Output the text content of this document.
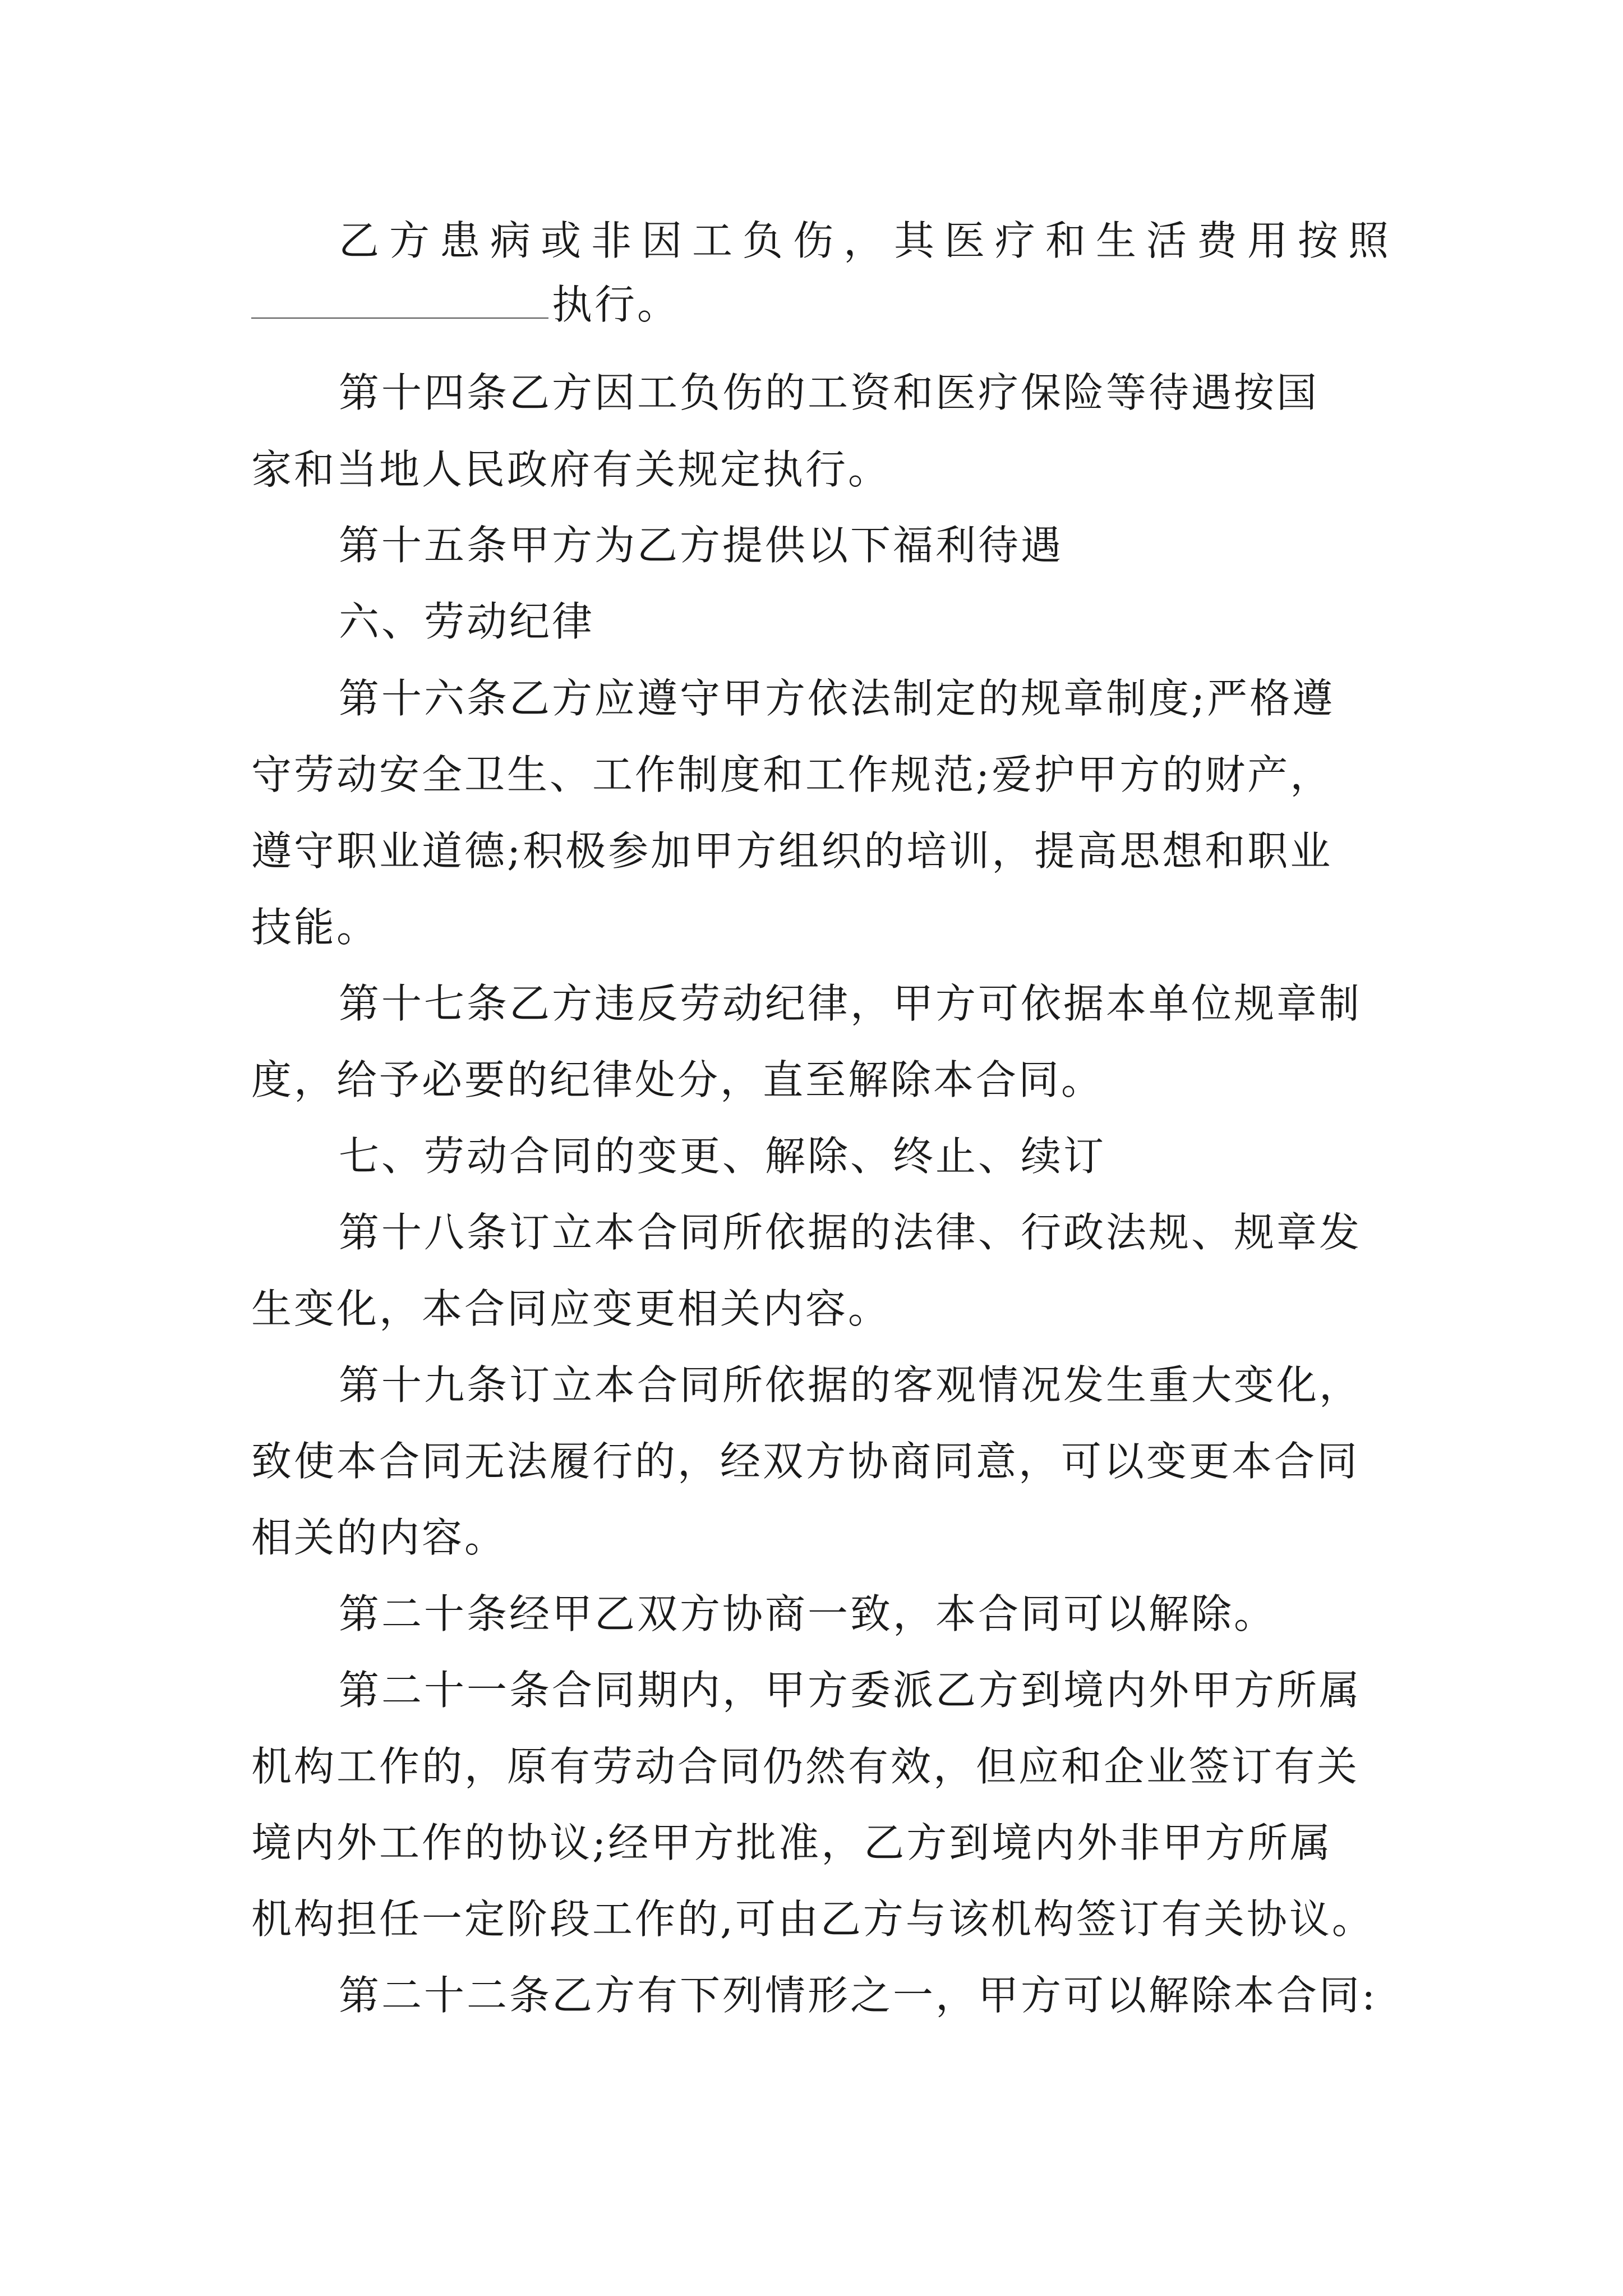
乙方患病或非因工负伤，其医疗和生活费用按照
执行。
第十四条乙方因工负伤的工资和医疗保险等待遇按国
家和当地人民政府有关规定执行。
第十五条甲方为乙方提供以下福利待遇
六、劳动纪律
第十六条乙方应遵守甲方依法制定的规章制度;严格遵
守劳动安全卫生、工作制度和工作规范;爱护甲方的财产，
遵守职业道德;积极参加甲方组织的培训，提高思想和职业
技能。
第十七条乙方违反劳动纪律，甲方可依据本单位规章制
度，给予必要的纪律处分，直至解除本合同。
七、劳动合同的变更、解除、终止、续订
第十八条订立本合同所依据的法律、行政法规、规章发
生变化，本合同应变更相关内容。
第十九条订立本合同所依据的客观情况发生重大变化，
致使本合同无法履行的，经双方协商同意，可以变更本合同
相关的内容。
第二十条经甲乙双方协商一致，本合同可以解除。
第二十一条合同期内，甲方委派乙方到境内外甲方所属
机构工作的，原有劳动合同仍然有效，但应和企业签订有关
境内外工作的协议;经甲方批准，乙方到境内外非甲方所属
机构担任一定阶段工作的,可由乙方与该机构签订有关协议。
第二十二条乙方有下列情形之一，甲方可以解除本合同:
